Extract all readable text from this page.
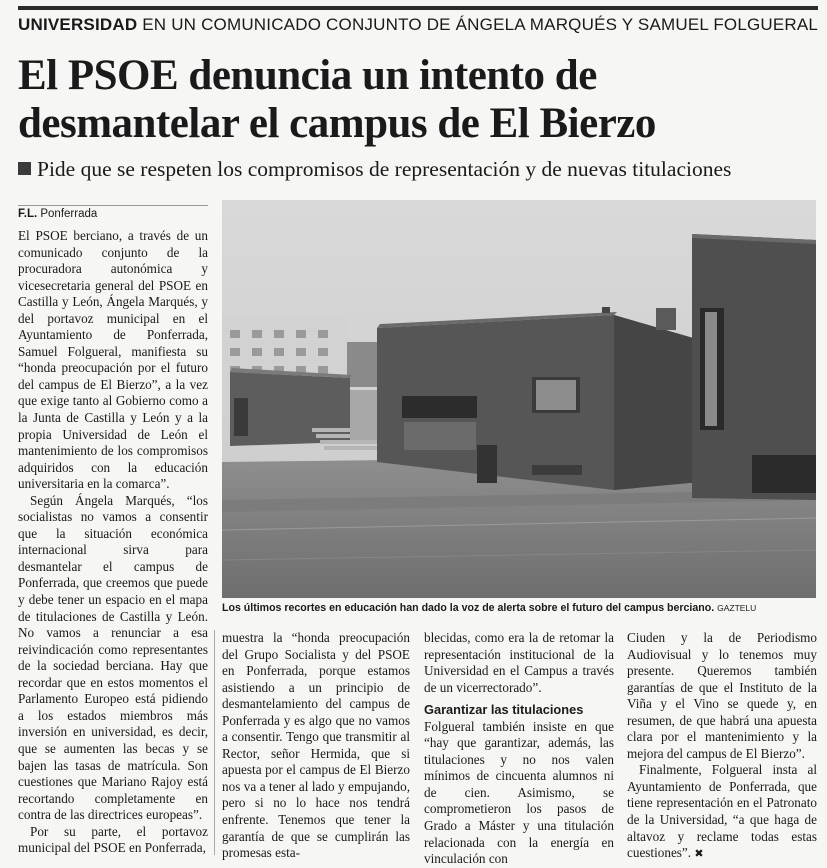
UNIVERSIDAD EN UN COMUNICADO CONJUNTO DE ÁNGELA MARQUÉS Y SAMUEL FOLGUERAL
El PSOE denuncia un intento de
desmantelar el campus de El Bierzo
Pide que se respeten los compromisos de representación y de nuevas titulaciones
F.L. Ponferrada

El PSOE berciano, a través de un comunicado conjunto de la procuradora autonómica y vicesecretaria general del PSOE en Castilla y León, Ángela Marqués, y del portavoz municipal en el Ayuntamiento de Ponferrada, Samuel Folgueral, manifiesta su “honda preocupación por el futuro del campus de El Bierzo”, a la vez que exige tanto al Gobierno como a la Junta de Castilla y León y a la propia Universidad de León el mantenimiento de los compromisos adquiridos con la educación universitaria en la comarca”.

Según Ángela Marqués, “los socialistas no vamos a consentir que la situación económica internacional sirva para desmantelar el campus de Ponferrada, que creemos que puede y debe tener un espacio en el mapa de titulaciones de Castilla y León. No vamos a renunciar a esa reivindicación como representantes de la sociedad berciana. Hay que recordar que en estos momentos el Parlamento Europeo está pidiendo a los estados miembros más inversión en universidad, es decir, que se aumenten las becas y se bajen las tasas de matrícula. Son cuestiones que Mariano Rajoy está recortando completamente en contra de las directrices europeas”.

Por su parte, el portavoz municipal del PSOE en Ponferrada,

Los últimos recortes en educación han dado la voz de alerta sobre el futuro del campus berciano. GAZTELU

muestra la “honda preocupación del Grupo Socialista y del PSOE en Ponferrada, porque estamos asistiendo a un principio de desmantelamiento del campus de Ponferrada y es algo que no vamos a consentir. Tengo que transmitir al Rector, señor Hermida, que si apuesta por el campus de El Bierzo nos va a tener al lado y empujando, pero si no lo hace nos tendrá enfrente. Tenemos que tener la garantía de que se cumplirán las promesas esta-

blecidas, como era la de retomar la representación institucional de la Universidad en el Campus a través de un vicerrectorado”.

Garantizar las titulaciones

Folgueral también insiste en que “hay que garantizar, además, las titulaciones y no nos valen mínimos de cincuenta alumnos ni de cien. Asimismo, se comprometieron los pasos de Grado a Máster y una titulación relacionada con la energía en vinculación con

Ciuden y la de Periodismo Audiovisual y lo tenemos muy presente. Queremos también garantías de que el Instituto de la Viña y el Vino se quede y, en resumen, de que habrá una apuesta clara por el mantenimiento y la mejora del campus de El Bierzo”.

Finalmente, Folgueral insta al Ayuntamiento de Ponferrada, que tiene representación en el Patronato de la Universidad, “a que haga de altavoz y reclame todas estas cuestiones”. ✖
